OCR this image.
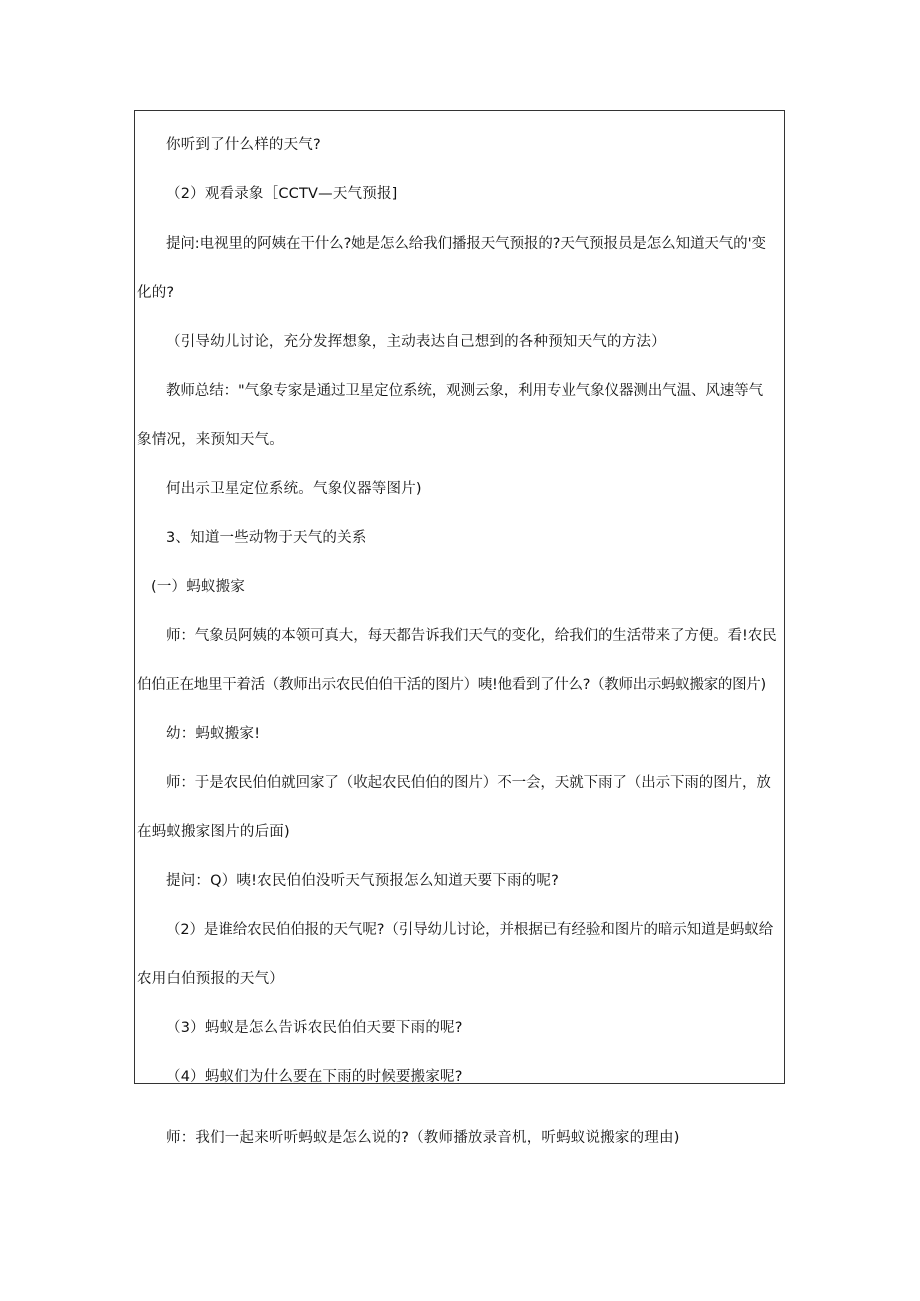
你听到了什么样的天气?
（2）观看录象［CCTV—天气预报]
提问:电视里的阿姨在干什么?她是怎么给我们播报天气预报的?天气预报员是怎么知道天气的'变
化的?
（引导幼儿讨论，充分发挥想象，主动表达自己想到的各种预知天气的方法）
教师总结："气象专家是通过卫星定位系统，观测云象，利用专业气象仪器测出气温、风速等气
象情况，来预知天气。
何出示卫星定位系统。气象仪器等图片)
3、知道一些动物于天气的关系
(一）蚂蚁搬家
师：气象员阿姨的本领可真大，每天都告诉我们天气的变化，给我们的生活带来了方便。看!农民
伯伯正在地里干着活（教师出示农民伯伯干活的图片）咦!他看到了什么?（教师出示蚂蚁搬家的图片)
幼：蚂蚁搬家!
师：于是农民伯伯就回家了（收起农民伯伯的图片）不一会，天就下雨了（出示下雨的图片，放
在蚂蚁搬家图片的后面)
提问：Q）咦!农民伯伯没听天气预报怎么知道天要下雨的呢?
（2）是谁给农民伯伯报的天气呢?（引导幼儿讨论，并根据已有经验和图片的暗示知道是蚂蚁给
农用白伯预报的天气）
（3）蚂蚁是怎么告诉农民伯伯天要下雨的呢?
（4）蚂蚁们为什么要在下雨的时候要搬家呢?
师：我们一起来听听蚂蚁是怎么说的?（教师播放录音机，听蚂蚁说搬家的理由)
